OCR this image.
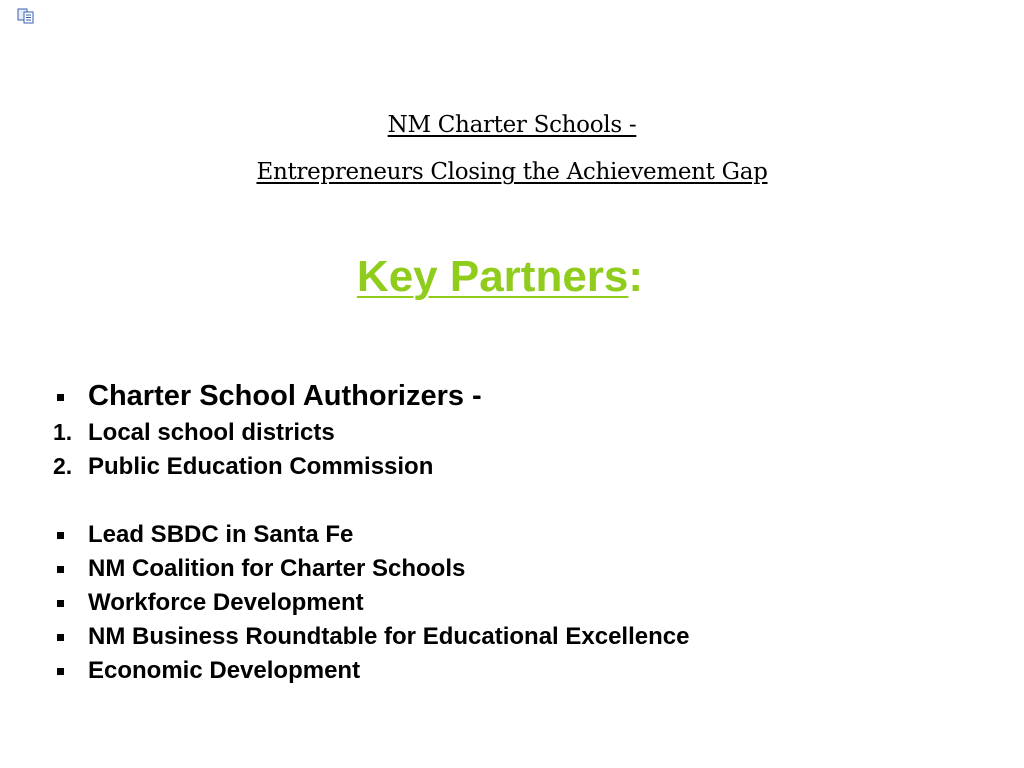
NM Charter Schools -
Entrepreneurs Closing the Achievement Gap
Key Partners:
Charter School Authorizers -
1. Local school districts
2. Public Education Commission
Lead SBDC in Santa Fe
NM Coalition for Charter Schools
Workforce Development
NM Business Roundtable for Educational Excellence
Economic Development
